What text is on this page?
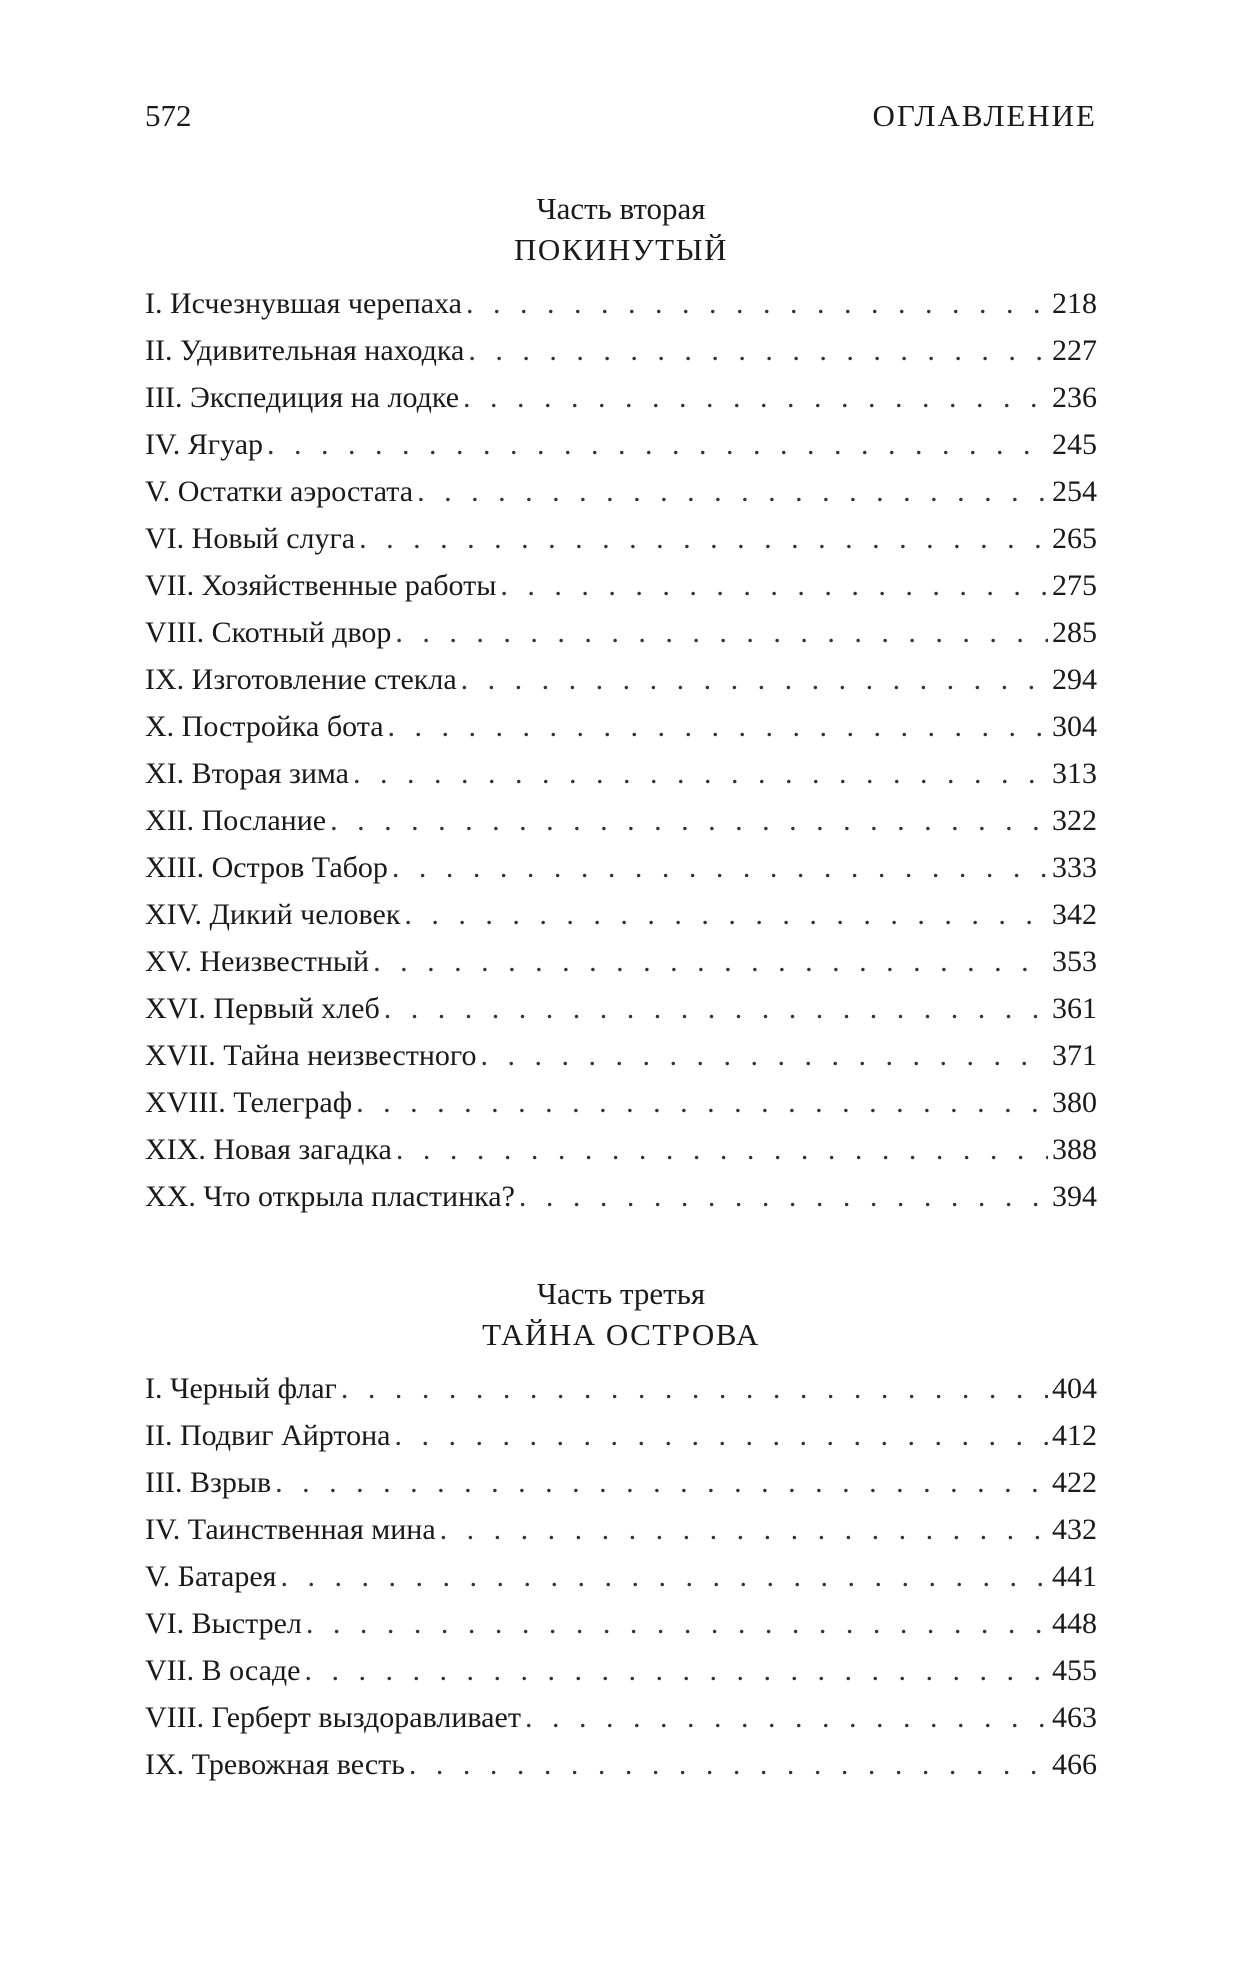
572	ОГЛАВЛЕНИЕ
Часть вторая
ПОКИНУТЫЙ
I. Исчезнувшая черепаха . . .	218
II. Удивительная находка . . .	227
III. Экспедиция на лодке . . .	236
IV. Ягуар . . .	245
V. Остатки аэростата . . .	254
VI. Новый слуга . . .	265
VII. Хозяйственные работы . . .	275
VIII. Скотный двор . . .	285
IX. Изготовление стекла . . .	294
X. Постройка бота . . .	304
XI. Вторая зима . . .	313
XII. Послание . . .	322
XIII. Остров Табор . . .	333
XIV. Дикий человек . . .	342
XV. Неизвестный . . .	353
XVI. Первый хлеб . . .	361
XVII. Тайна неизвестного . . .	371
XVIII. Телеграф . . .	380
XIX. Новая загадка . . .	388
XX. Что открыла пластинка? . . .	394
Часть третья
ТАЙНА ОСТРОВА
I. Черный флаг . . .	404
II. Подвиг Айртона . . .	412
III. Взрыв . . .	422
IV. Таинственная мина . . .	432
V. Батарея . . .	441
VI. Выстрел . . .	448
VII. В осаде . . .	455
VIII. Герберт выздоравливает . . .	463
IX. Тревожная весть . . .	466
